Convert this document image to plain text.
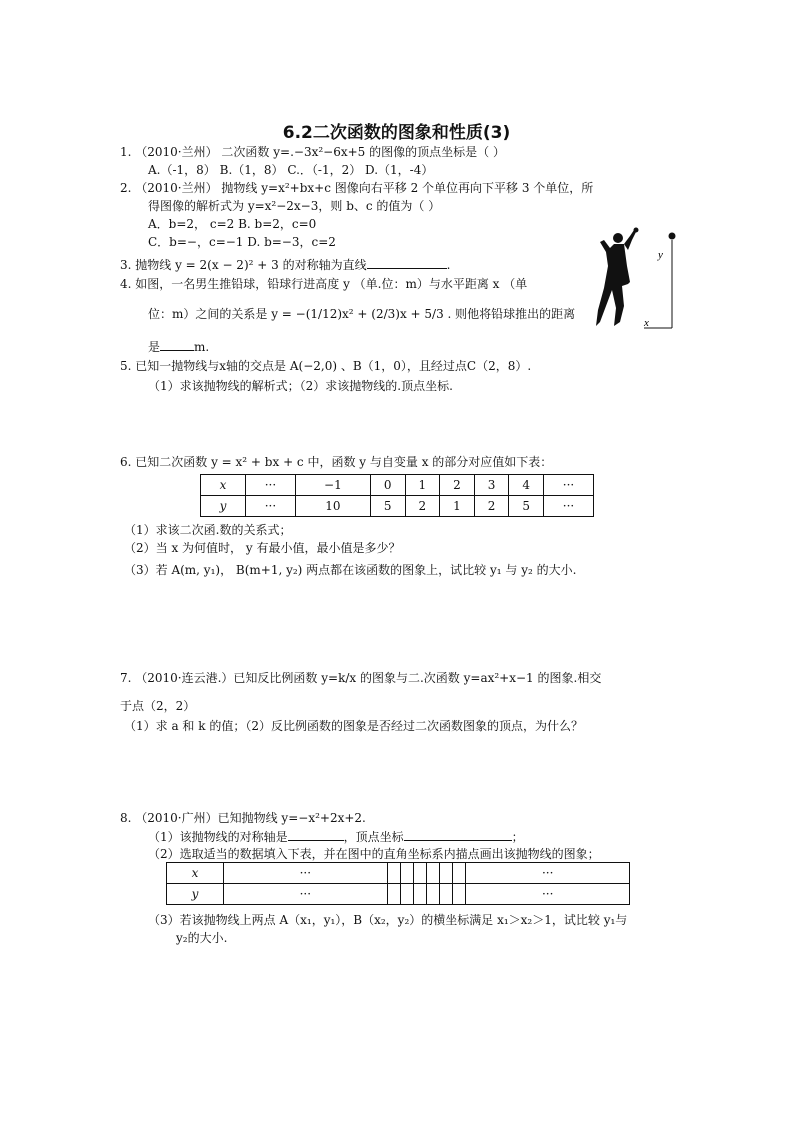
6.2二次函数的图象和性质(3)
1. （2010·兰州） 二次函数 y=.−3x²−6x+5 的图像的顶点坐标是（ ）
A.（-1，8） B.（1，8） C.．（-1，2） D.（1，-4）
2. （2010·兰州） 抛物线 y=x²+bx+c 图像向右平移 2 个单位再向下平移 3 个单位，所
得图像的解析式为 y=x²−2x−3，则 b、c 的值为（ ）
A．b=2， c=2 B. b=2，c=0
C．b=−，c=−1 D. b=−3，c=2
3. 抛物线 y = 2(x − 2)² + 3 的对称轴为直线	.
4. 如图，一名男生推铅球，铅球行进高度 y （单.位：m）与水平距离 x （单
位：m）之间的关系是 y = −(1/12)x² + (2/3)x + 5/3 . 则他将铅球推出的距离
是	m.
y
x
5. 已知一抛物线与x轴的交点是 A(−2,0) 、B（1，0），且经过点C（2，8）.
（1）求该抛物线的解析式；（2）求该抛物线的.顶点坐标.
6. 已知二次函数 y = x² + bx + c 中，函数 y 与自变量 x 的部分对应值如下表：
x	···	−1	0	1	2	3	4	···
y	···	10	5	2	1	2	5	···
（1）求该二次函.数的关系式；
（2）当 x 为何值时， y 有最小值，最小值是多少？
（3）若 A(m, y₁)， B(m+1, y₂) 两点都在该函数的图象上，试比较 y₁ 与 y₂ 的大小.
7. （2010·连云港.）已知反比例函数 y=k/x 的图象与二.次函数 y=ax²+x−1 的图象.相交
于点（2，2）
（1）求 a 和 k 的值；（2）反比例函数的图象是否经过二次函数图象的顶点，为什么？
8. （2010·广州）已知抛物线 y=−x²+2x+2.
（1）该抛物线的对称轴是	，顶点坐标	；
（2）选取适当的数据填入下表，并在图中的直角坐标系内描点画出该抛物线的图象；
x	···							···
y	···							···
（3）若该抛物线上两点 A（x₁，y₁），B（x₂，y₂）的横坐标满足 x₁＞x₂＞1，试比较 y₁与
y₂的大小.
